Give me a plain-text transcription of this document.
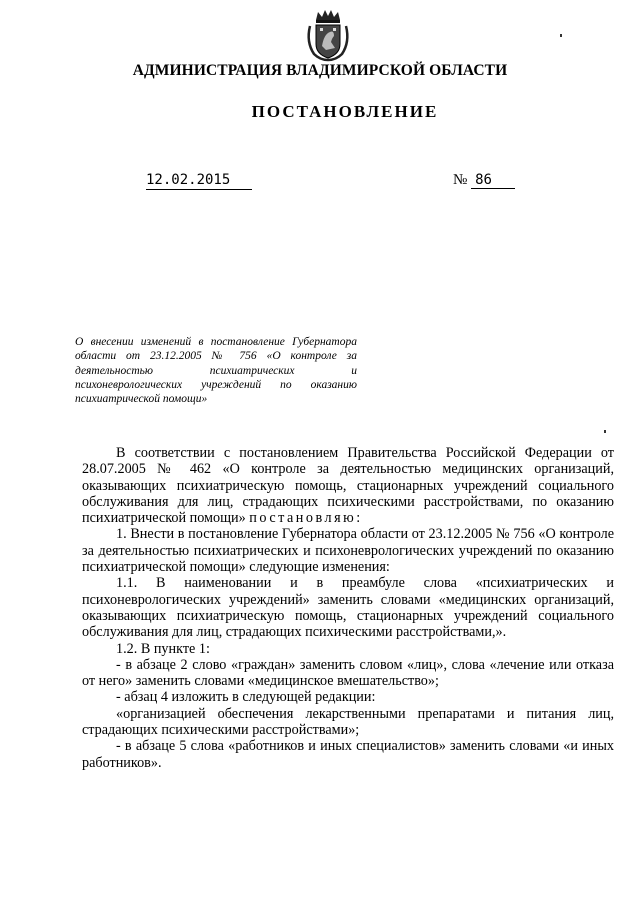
АДМИНИСТРАЦИЯ ВЛАДИМИРСКОЙ ОБЛАСТИ
ПОСТАНОВЛЕНИЕ
12.02.2015	№ 86
О внесении изменений в постановление Губернатора области от 23.12.2005 № 756 «О контроле за деятельностью психиатрических и психоневрологических учреждений по оказанию психиатрической помощи»

В соответствии с постановлением Правительства Российской Федерации от 28.07.2005 № 462 «О контроле за деятельностью медицинских организаций, оказывающих психиатрическую помощь, стационарных учреждений социального обслуживания для лиц, страдающих психическими расстройствами, по оказанию психиатрической помощи» постановляю:

1. Внести в постановление Губернатора области от 23.12.2005 № 756 «О контроле за деятельностью психиатрических и психоневрологических учреждений по оказанию психиатрической помощи» следующие изменения:

1.1. В наименовании и в преамбуле слова «психиатрических и психоневрологических учреждений» заменить словами «медицинских организаций, оказывающих психиатрическую помощь, стационарных учреждений социального обслуживания для лиц, страдающих психическими расстройствами,».

1.2. В пункте 1:

- в абзаце 2 слово «граждан» заменить словом «лиц», слова «лечение или отказа от него» заменить словами «медицинское вмешательство»;

- абзац 4 изложить в следующей редакции:

«организацией обеспечения лекарственными препаратами и питания лиц, страдающих психическими расстройствами»;

- в абзаце 5 слова «работников и иных специалистов» заменить словами «и иных работников».
